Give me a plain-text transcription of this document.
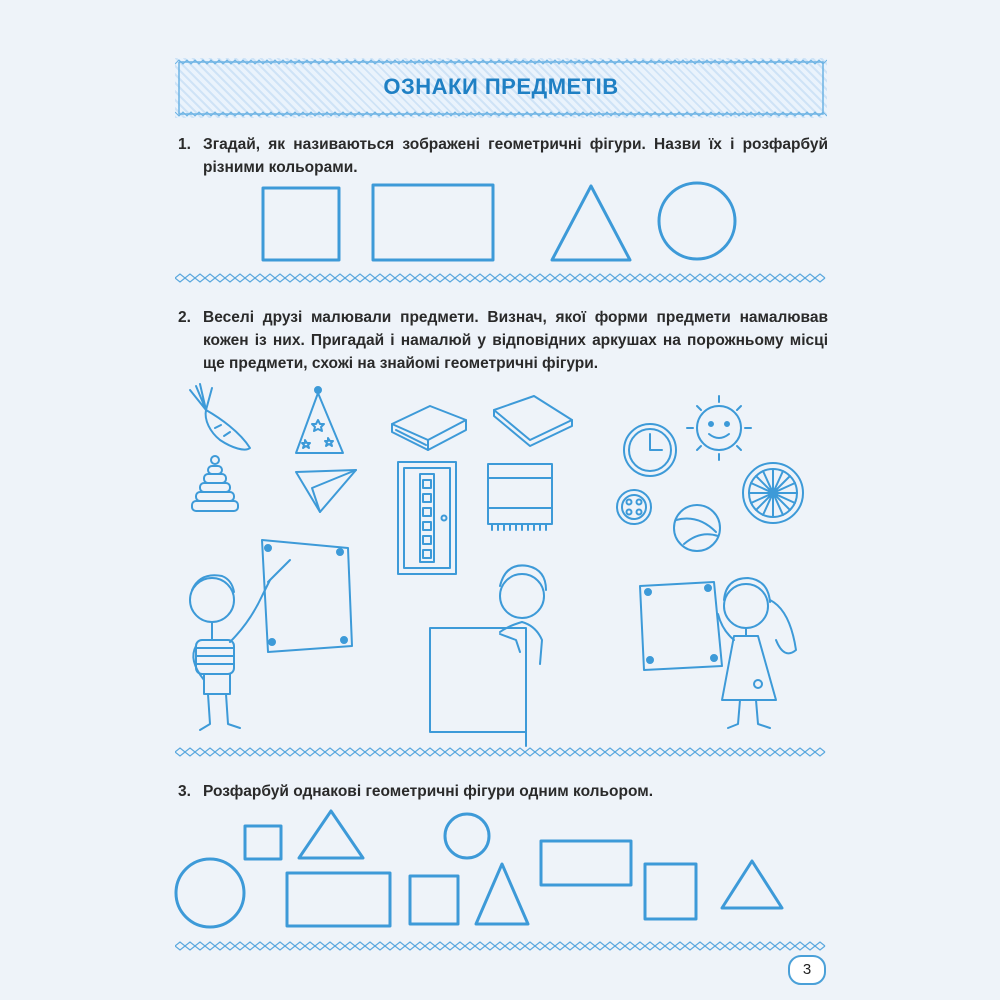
ОЗНАКИ ПРЕДМЕТІВ
1. Згадай, як називаються зображені геометричні фігури. Назви їх і розфарбуй різними кольорами.
2. Веселі друзі малювали предмети. Визнач, якої форми предмети намалював кожен із них. Пригадай і намалюй у відповідних аркушах на порожньому місці ще предмети, схожі на знайомі геометричні фігури.
3. Розфарбуй однакові геометричні фігури одним кольором.
3
